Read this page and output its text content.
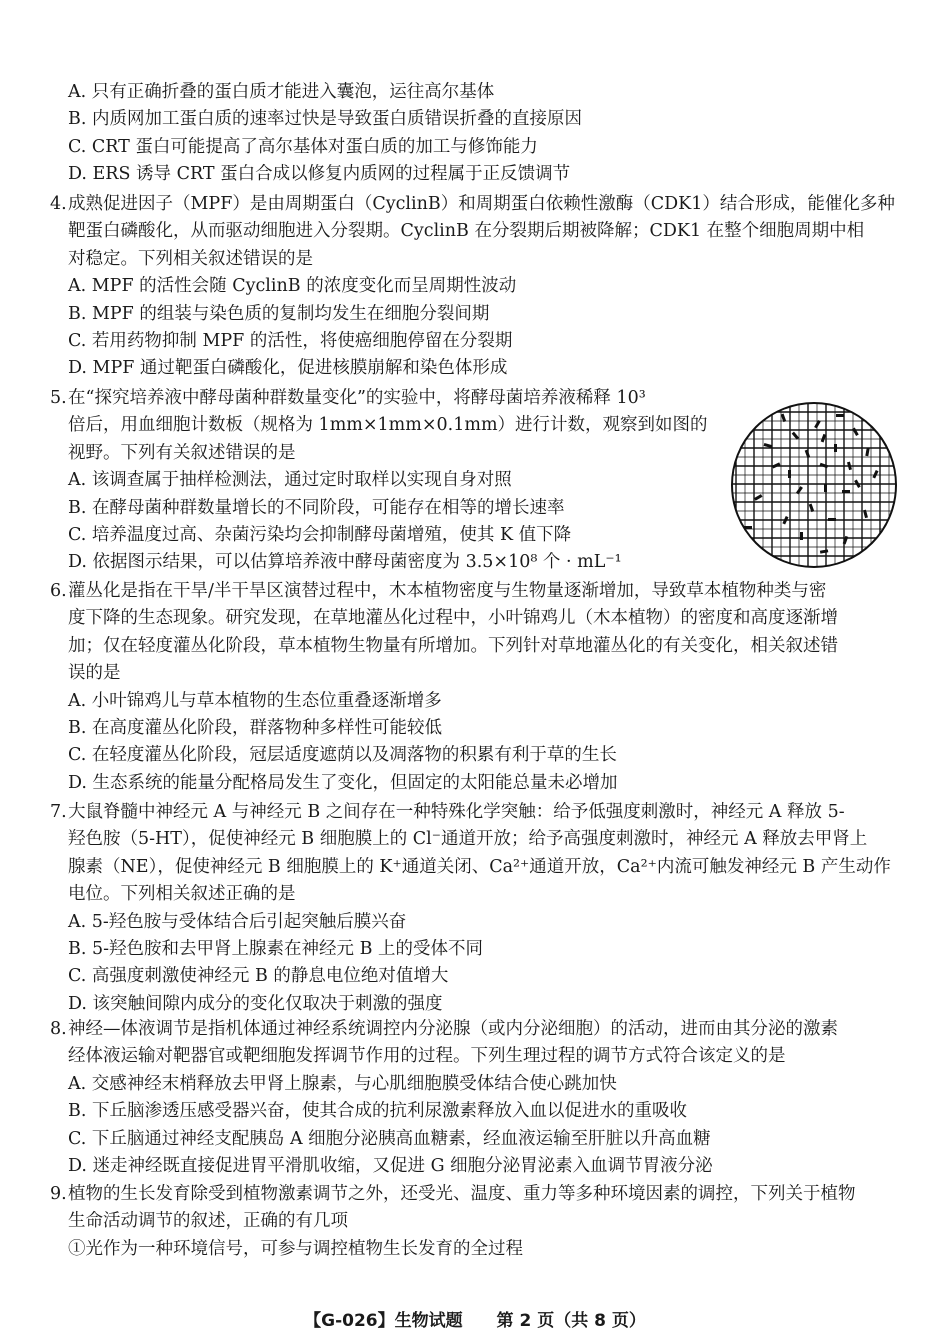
A. 只有正确折叠的蛋白质才能进入囊泡，运往高尔基体
B. 内质网加工蛋白质的速率过快是导致蛋白质错误折叠的直接原因
C. CRT 蛋白可能提高了高尔基体对蛋白质的加工与修饰能力
D. ERS 诱导 CRT 蛋白合成以修复内质网的过程属于正反馈调节
4. 成熟促进因子（MPF）是由周期蛋白（CyclinB）和周期蛋白依赖性激酶（CDK1）结合形成，能催化多种
靶蛋白磷酸化，从而驱动细胞进入分裂期。CyclinB 在分裂期后期被降解；CDK1 在整个细胞周期中相
对稳定。下列相关叙述错误的是
A. MPF 的活性会随 CyclinB 的浓度变化而呈周期性波动
B. MPF 的组装与染色质的复制均发生在细胞分裂间期
C. 若用药物抑制 MPF 的活性，将使癌细胞停留在分裂期
D. MPF 通过靶蛋白磷酸化，促进核膜崩解和染色体形成
5. 在“探究培养液中酵母菌种群数量变化”的实验中，将酵母菌培养液稀释 10³
倍后，用血细胞计数板（规格为 1mm×1mm×0.1mm）进行计数，观察到如图的
视野。下列有关叙述错误的是
A. 该调查属于抽样检测法，通过定时取样以实现自身对照
B. 在酵母菌种群数量增长的不同阶段，可能存在相等的增长速率
C. 培养温度过高、杂菌污染均会抑制酵母菌增殖，使其 K 值下降
D. 依据图示结果，可以估算培养液中酵母菌密度为 3.5×10⁸ 个 · mL⁻¹
6. 灌丛化是指在干旱/半干旱区演替过程中，木本植物密度与生物量逐渐增加，导致草本植物种类与密
度下降的生态现象。研究发现，在草地灌丛化过程中，小叶锦鸡儿（木本植物）的密度和高度逐渐增
加；仅在轻度灌丛化阶段，草本植物生物量有所增加。下列针对草地灌丛化的有关变化，相关叙述错
误的是
A. 小叶锦鸡儿与草本植物的生态位重叠逐渐增多
B. 在高度灌丛化阶段，群落物种多样性可能较低
C. 在轻度灌丛化阶段，冠层适度遮荫以及凋落物的积累有利于草的生长
D. 生态系统的能量分配格局发生了变化，但固定的太阳能总量未必增加
7. 大鼠脊髓中神经元 A 与神经元 B 之间存在一种特殊化学突触：给予低强度刺激时，神经元 A 释放 5-
羟色胺（5-HT），促使神经元 B 细胞膜上的 Cl⁻通道开放；给予高强度刺激时，神经元 A 释放去甲肾上
腺素（NE），促使神经元 B 细胞膜上的 K⁺通道关闭、Ca²⁺通道开放，Ca²⁺内流可触发神经元 B 产生动作
电位。下列相关叙述正确的是
A. 5-羟色胺与受体结合后引起突触后膜兴奋
B. 5-羟色胺和去甲肾上腺素在神经元 B 上的受体不同
C. 高强度刺激使神经元 B 的静息电位绝对值增大
D. 该突触间隙内成分的变化仅取决于刺激的强度
8. 神经—体液调节是指机体通过神经系统调控内分泌腺（或内分泌细胞）的活动，进而由其分泌的激素
经体液运输对靶器官或靶细胞发挥调节作用的过程。下列生理过程的调节方式符合该定义的是
A. 交感神经末梢释放去甲肾上腺素，与心肌细胞膜受体结合使心跳加快
B. 下丘脑渗透压感受器兴奋，使其合成的抗利尿激素释放入血以促进水的重吸收
C. 下丘脑通过神经支配胰岛 A 细胞分泌胰高血糖素，经血液运输至肝脏以升高血糖
D. 迷走神经既直接促进胃平滑肌收缩，又促进 G 细胞分泌胃泌素入血调节胃液分泌
9. 植物的生长发育除受到植物激素调节之外，还受光、温度、重力等多种环境因素的调控，下列关于植物
生命活动调节的叙述，正确的有几项
①光作为一种环境信号，可参与调控植物生长发育的全过程
【G-026】生物试题 第 2 页（共 8 页）
